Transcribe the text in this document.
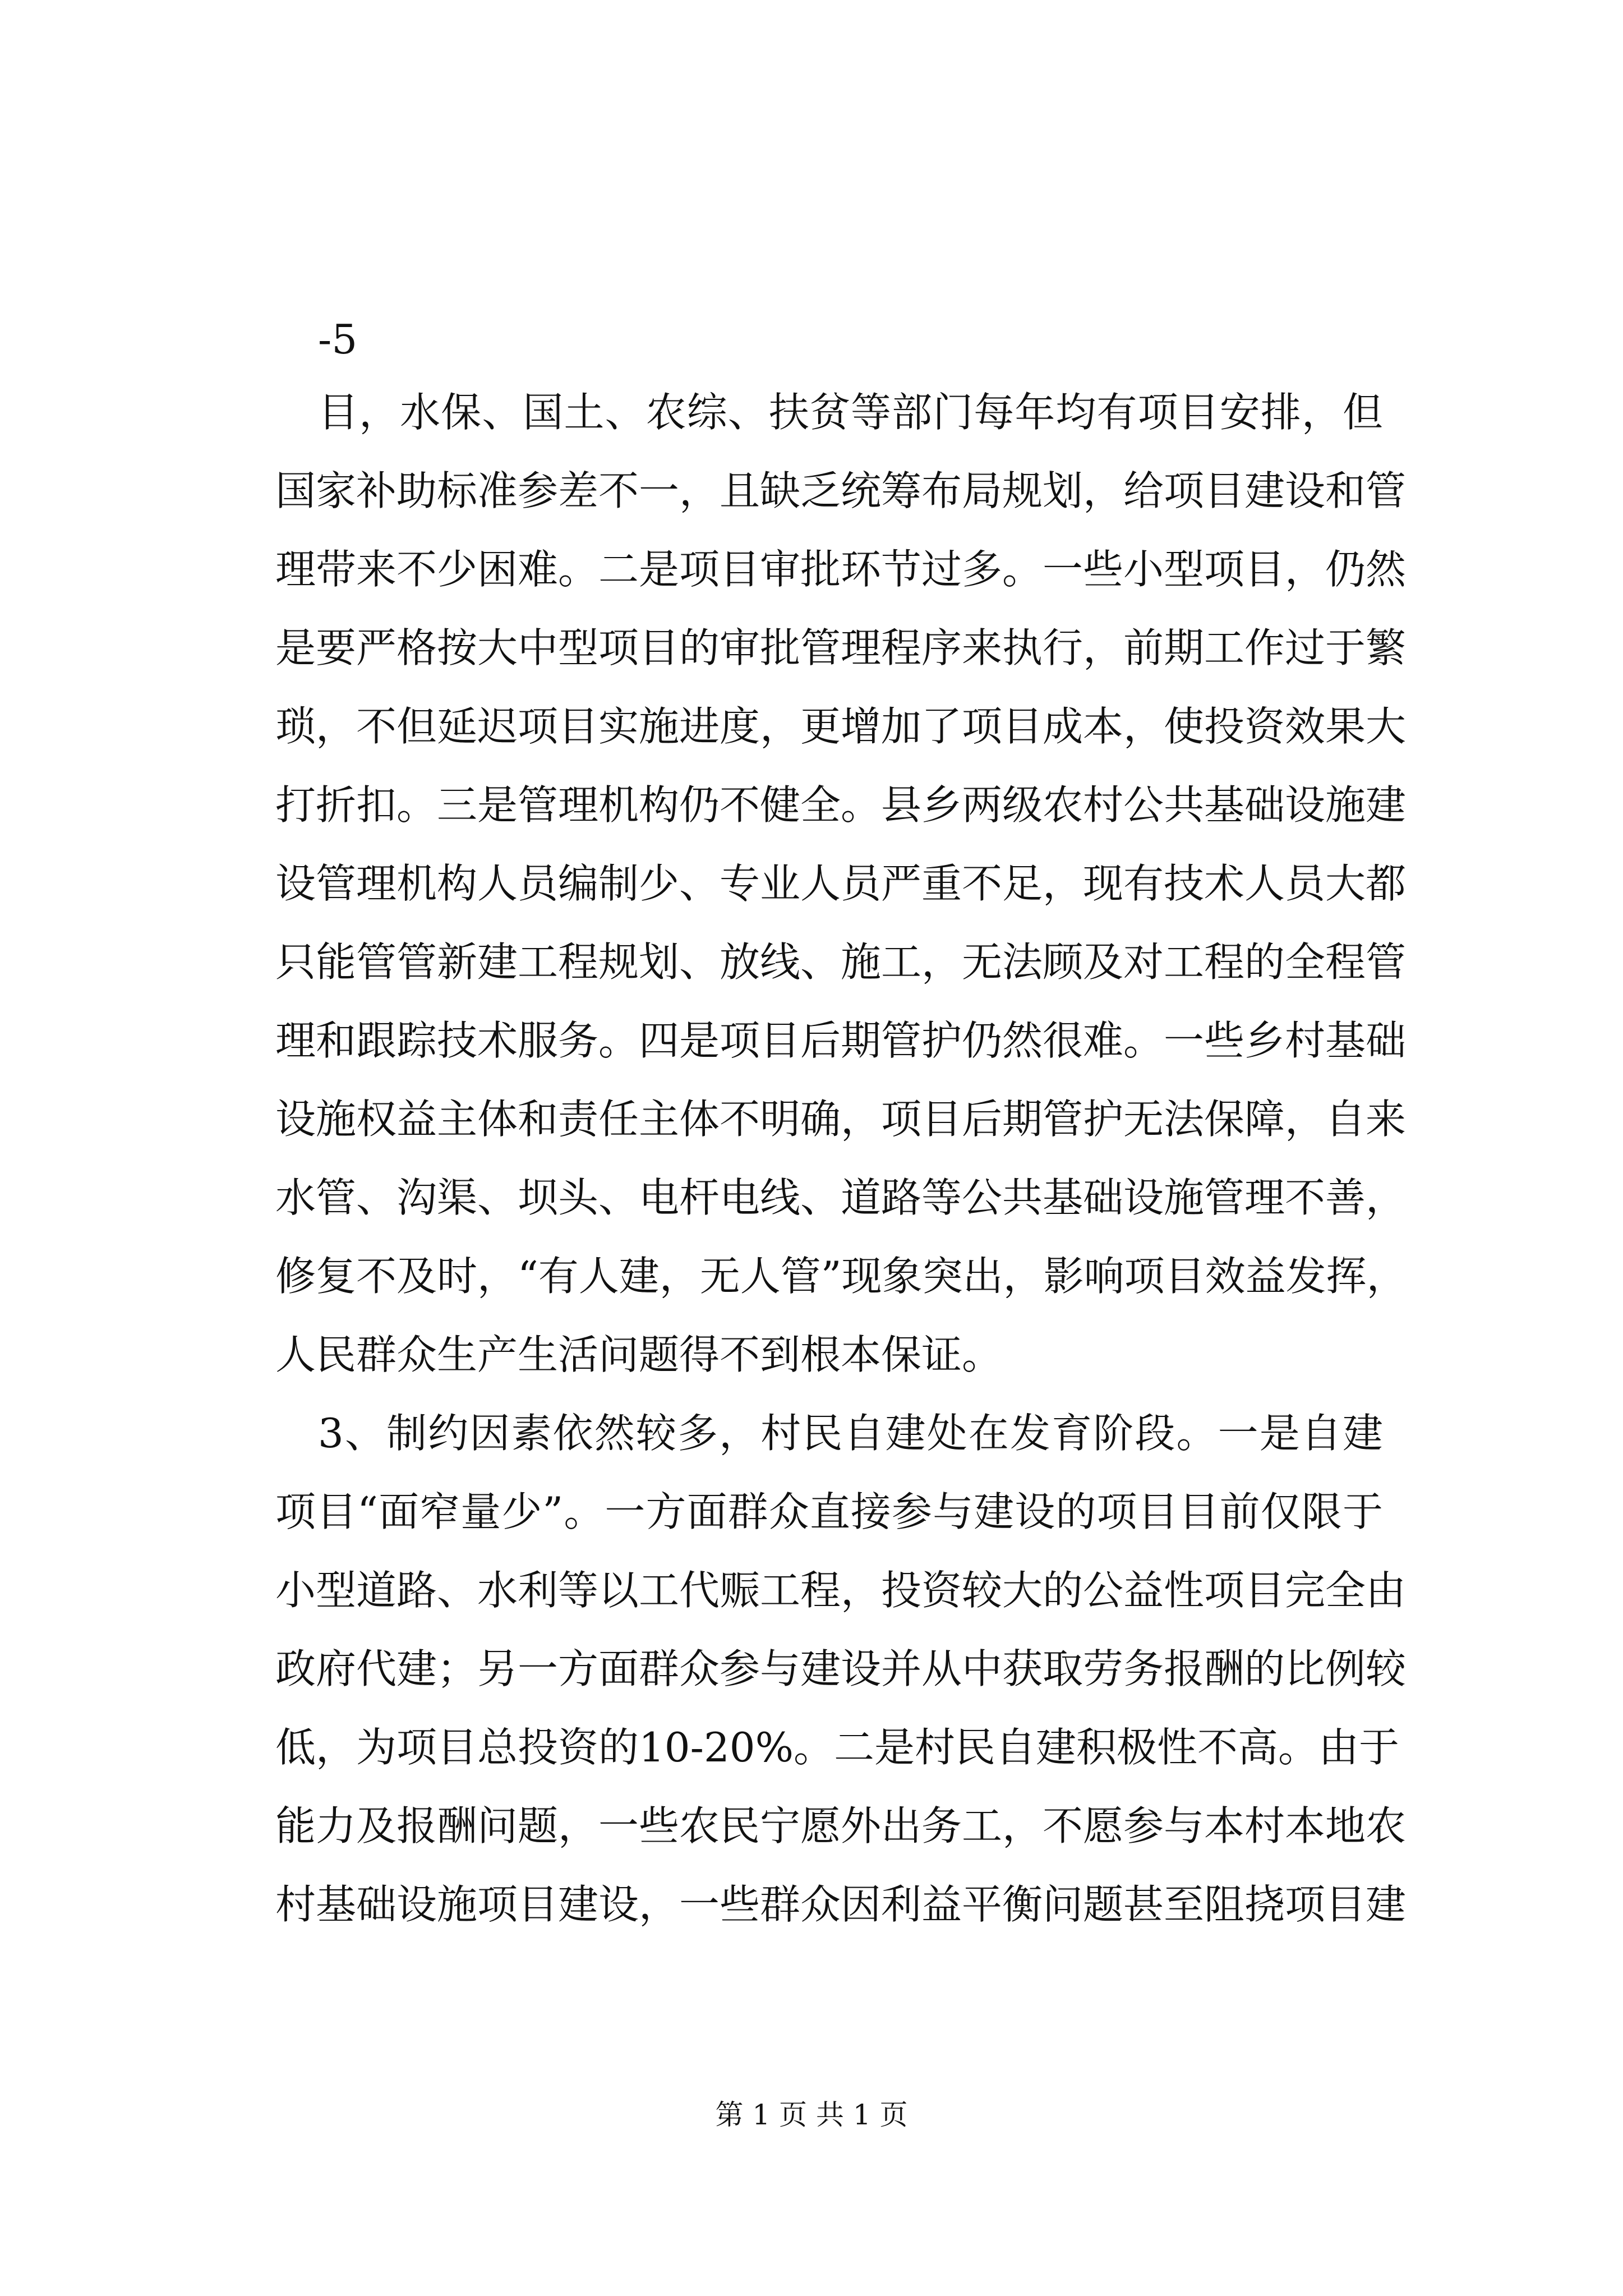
-5
目，水保、国土、农综、扶贫等部门每年均有项目安排，但
国家补助标准参差不一，且缺乏统筹布局规划，给项目建设和管
理带来不少困难。二是项目审批环节过多。一些小型项目，仍然
是要严格按大中型项目的审批管理程序来执行，前期工作过于繁
琐，不但延迟项目实施进度，更增加了项目成本，使投资效果大
打折扣。三是管理机构仍不健全。县乡两级农村公共基础设施建
设管理机构人员编制少、专业人员严重不足，现有技术人员大都
只能管管新建工程规划、放线、施工，无法顾及对工程的全程管
理和跟踪技术服务。四是项目后期管护仍然很难。一些乡村基础
设施权益主体和责任主体不明确，项目后期管护无法保障，自来
水管、沟渠、坝头、电杆电线、道路等公共基础设施管理不善，
修复不及时，“有人建，无人管”现象突出，影响项目效益发挥，
人民群众生产生活问题得不到根本保证。
3、制约因素依然较多，村民自建处在发育阶段。一是自建
项目“面窄量少”。一方面群众直接参与建设的项目目前仅限于
小型道路、水利等以工代赈工程，投资较大的公益性项目完全由
政府代建；另一方面群众参与建设并从中获取劳务报酬的比例较
低，为项目总投资的10-20%。二是村民自建积极性不高。由于
能力及报酬问题，一些农民宁愿外出务工，不愿参与本村本地农
村基础设施项目建设，一些群众因利益平衡问题甚至阻挠项目建
第 1 页 共 1 页
